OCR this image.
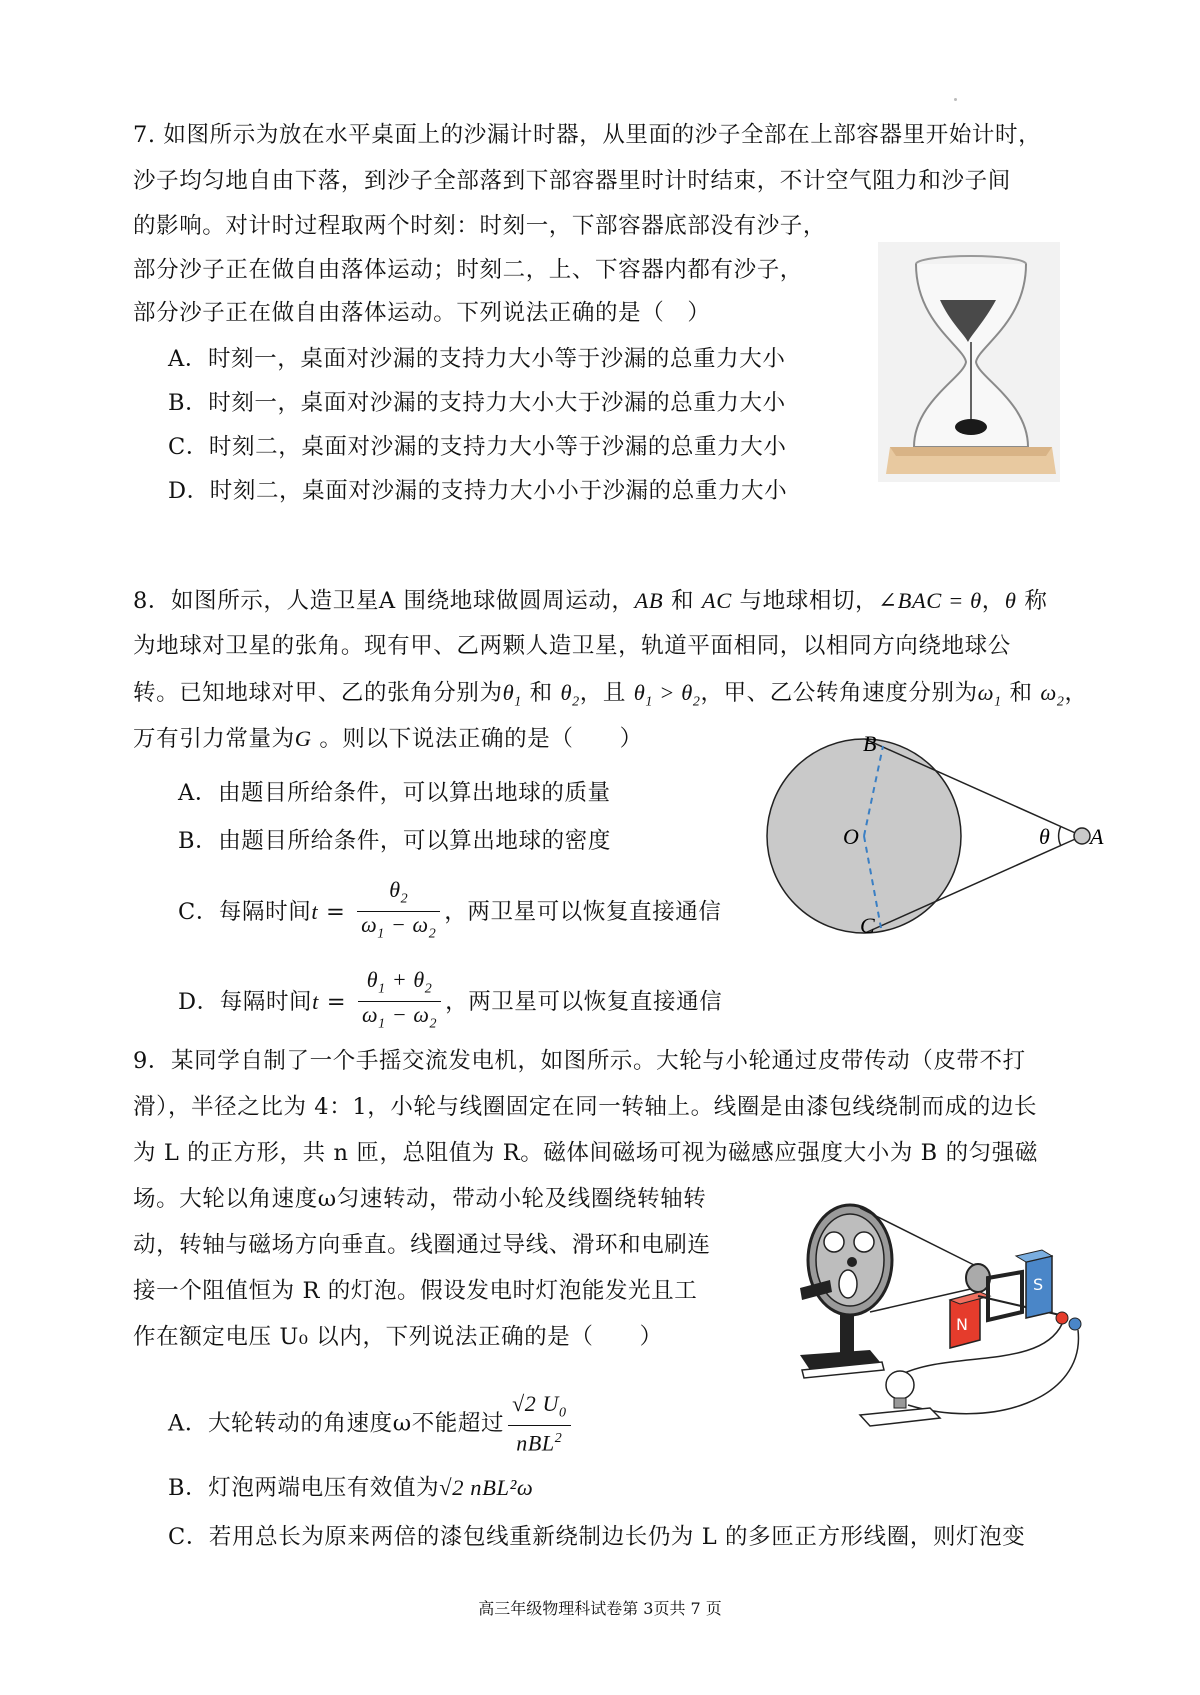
7. 如图所示为放在水平桌面上的沙漏计时器，从里面的沙子全部在上部容器里开始计时，
沙子均匀地自由下落，到沙子全部落到下部容器里时计时结束，不计空气阻力和沙子间
的影响。对计时过程取两个时刻：时刻一，下部容器底部没有沙子，
部分沙子正在做自由落体运动；时刻二，上、下容器内都有沙子，
部分沙子正在做自由落体运动。下列说法正确的是（　）
A．时刻一，桌面对沙漏的支持力大小等于沙漏的总重力大小
B．时刻一，桌面对沙漏的支持力大小大于沙漏的总重力大小
C．时刻二，桌面对沙漏的支持力大小等于沙漏的总重力大小
D．时刻二，桌面对沙漏的支持力大小小于沙漏的总重力大小
8．如图所示，人造卫星A 围绕地球做圆周运动，AB 和 AC 与地球相切，∠BAC = θ，θ 称
为地球对卫星的张角。现有甲、乙两颗人造卫星，轨道平面相同，以相同方向绕地球公
转。已知地球对甲、乙的张角分别为$\theta_1$ 和 $\theta_2$，且 $\theta_1 > \theta_2$，甲、乙公转角速度分别为$\omega_1$ 和 $\omega_2$，
万有引力常量为G 。则以下说法正确的是（　　）
A．由题目所给条件，可以算出地球的质量
B．由题目所给条件，可以算出地球的密度
C．每隔时间$t = \frac{\theta_2}{\omega_1 - \omega_2}$ ，两卫星可以恢复直接通信
D．每隔时间$t = \frac{\theta_1 + \theta_2}{\omega_1 - \omega_2}$ ，两卫星可以恢复直接通信
B
O	θ A
C
9．某同学自制了一个手摇交流发电机，如图所示。大轮与小轮通过皮带传动（皮带不打
滑），半径之比为 4：1，小轮与线圈固定在同一转轴上。线圈是由漆包线绕制而成的边长
为 L 的正方形，共 n 匝，总阻值为 R。磁体间磁场可视为磁感应强度大小为 B 的匀强磁
场。大轮以角速度ω匀速转动，带动小轮及线圈绕转轴转
动，转轴与磁场方向垂直。线圈通过导线、滑环和电刷连
接一个阻值恒为 R 的灯泡。假设发电时灯泡能发光且工
作在额定电压 U₀ 以内，下列说法正确的是（　　）
A．大轮转动的角速度ω不能超过 $\frac{√2 U_0}{nBL^2}$
B．灯泡两端电压有效值为√2 nBL²ω
C．若用总长为原来两倍的漆包线重新绕制边长仍为 L 的多匝正方形线圈，则灯泡变
N
S
高三年级物理科试卷第 3页共 7 页
